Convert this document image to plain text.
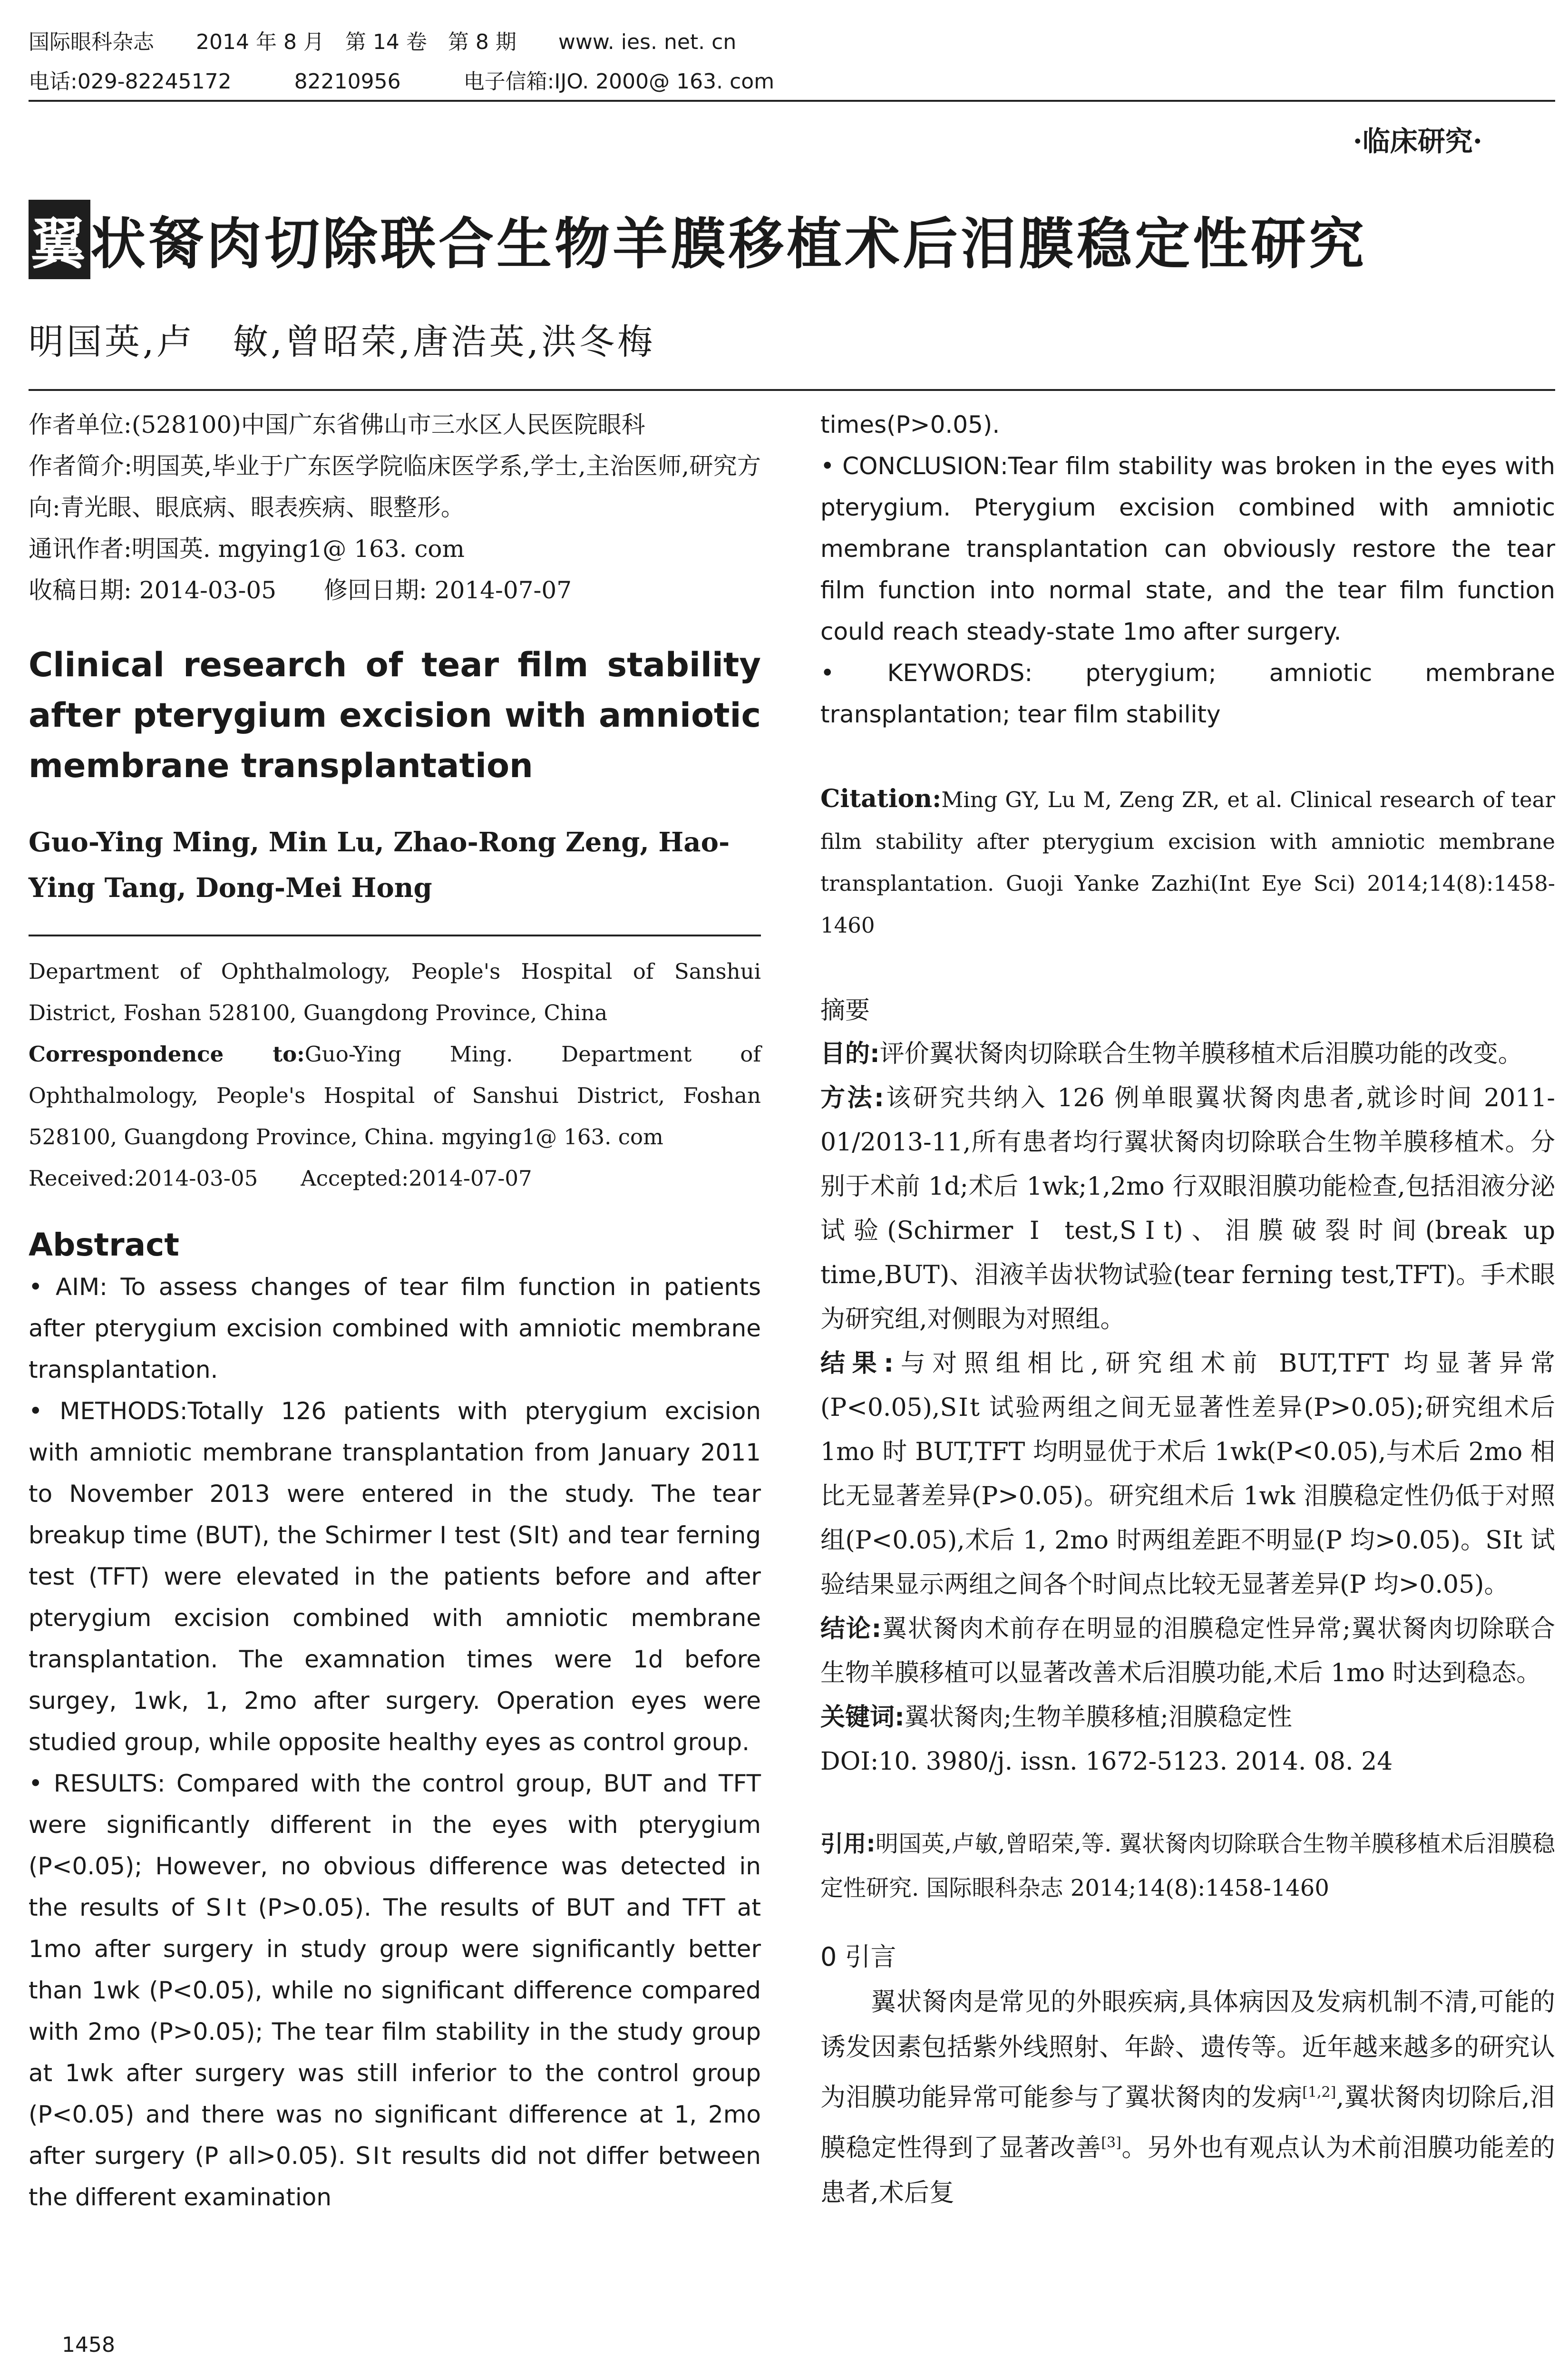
国际眼科杂志　　2014 年 8 月　第 14 卷　第 8 期　　www. ies. net. cn
电话:029-82245172　　　82210956　　　电子信箱:IJO. 2000@ 163. com
·临床研究·
翼状胬肉切除联合生物羊膜移植术后泪膜稳定性研究
明国英,卢　敏,曾昭荣,唐浩英,洪冬梅

作者单位:(528100)中国广东省佛山市三水区人民医院眼科

作者简介:明国英,毕业于广东医学院临床医学系,学士,主治医师,研究方向:青光眼、眼底病、眼表疾病、眼整形。

通讯作者:明国英. mgying1@ 163. com

收稿日期: 2014-03-05　　修回日期: 2014-07-07

Clinical research of tear film stability after pterygium excision with amniotic membrane transplantation
Guo-Ying Ming, Min Lu, Zhao-Rong Zeng, Hao-Ying Tang, Dong-Mei Hong
Department of Ophthalmology, People's Hospital of Sanshui District, Foshan 528100, Guangdong Province, China
Correspondence to:Guo-Ying Ming. Department of Ophthalmology, People's Hospital of Sanshui District, Foshan 528100, Guangdong Province, China. mgying1@ 163. com
Received:2014-03-05　　Accepted:2014-07-07
Abstract

• AIM: To assess changes of tear film function in patients after pterygium excision combined with amniotic membrane transplantation.

• METHODS:Totally 126 patients with pterygium excision with amniotic membrane transplantation from January 2011 to November 2013 were entered in the study. The tear breakup time (BUT), the Schirmer I test (SⅠt) and tear ferning test (TFT) were elevated in the patients before and after pterygium excision combined with amniotic membrane transplantation. The examnation times were 1d before surgey, 1wk, 1, 2mo after surgery. Operation eyes were studied group, while opposite healthy eyes as control group.

• RESULTS: Compared with the control group, BUT and TFT were significantly different in the eyes with pterygium (P<0.05); However, no obvious difference was detected in the results of SⅠt (P>0.05). The results of BUT and TFT at 1mo after surgery in study group were significantly better than 1wk (P<0.05), while no significant difference compared with 2mo (P>0.05); The tear film stability in the study group at 1wk after surgery was still inferior to the control group (P<0.05) and there was no significant difference at 1, 2mo after surgery (P all>0.05). SⅠt results did not differ between the different examination

times(P>0.05).

• CONCLUSION:Tear film stability was broken in the eyes with pterygium. Pterygium excision combined with amniotic membrane transplantation can obviously restore the tear film function into normal state, and the tear film function could reach steady-state 1mo after surgery.

• KEYWORDS: pterygium; amniotic membrane transplantation; tear film stability

Citation:Ming GY, Lu M, Zeng ZR, et al. Clinical research of tear film stability after pterygium excision with amniotic membrane transplantation. Guoji Yanke Zazhi(Int Eye Sci) 2014;14(8):1458-1460
摘要

目的:评价翼状胬肉切除联合生物羊膜移植术后泪膜功能的改变。

方法:该研究共纳入 126 例单眼翼状胬肉患者,就诊时间 2011-01/2013-11,所有患者均行翼状胬肉切除联合生物羊膜移植术。分别于术前 1d;术后 1wk;1,2mo 行双眼泪膜功能检查,包括泪液分泌试验(Schirmer Ⅰ test,SⅠt)、泪膜破裂时间(break up time,BUT)、泪液羊齿状物试验(tear ferning test,TFT)。手术眼为研究组,对侧眼为对照组。

结果:与对照组相比,研究组术前 BUT,TFT 均显著异常(P<0.05),SⅠt 试验两组之间无显著性差异(P>0.05);研究组术后 1mo 时 BUT,TFT 均明显优于术后 1wk(P<0.05),与术后 2mo 相比无显著差异(P>0.05)。研究组术后 1wk 泪膜稳定性仍低于对照组(P<0.05),术后 1, 2mo 时两组差距不明显(P 均>0.05)。SⅠt 试验结果显示两组之间各个时间点比较无显著差异(P 均>0.05)。

结论:翼状胬肉术前存在明显的泪膜稳定性异常;翼状胬肉切除联合生物羊膜移植可以显著改善术后泪膜功能,术后 1mo 时达到稳态。

关键词:翼状胬肉;生物羊膜移植;泪膜稳定性

DOI:10. 3980/j. issn. 1672-5123. 2014. 08. 24
引用:明国英,卢敏,曾昭荣,等. 翼状胬肉切除联合生物羊膜移植术后泪膜稳定性研究. 国际眼科杂志 2014;14(8):1458-1460
0 引言

翼状胬肉是常见的外眼疾病,具体病因及发病机制不清,可能的诱发因素包括紫外线照射、年龄、遗传等。近年越来越多的研究认为泪膜功能异常可能参与了翼状胬肉的发病[1,2],翼状胬肉切除后,泪膜稳定性得到了显著改善[3]。另外也有观点认为术前泪膜功能差的患者,术后复

1458
